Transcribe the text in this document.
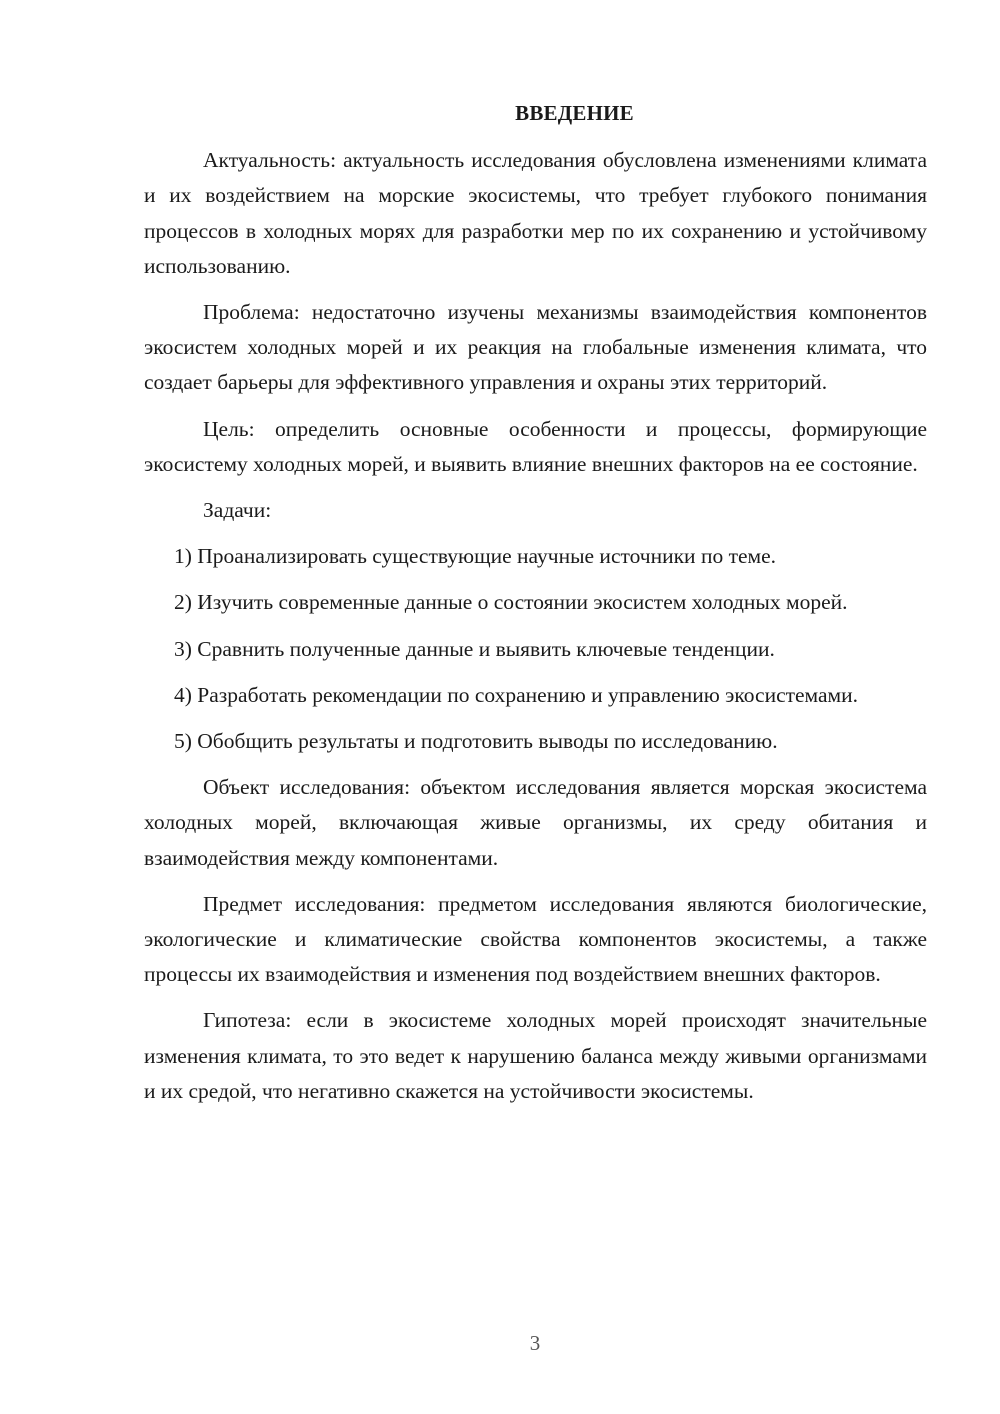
ВВЕДЕНИЕ

Актуальность: актуальность исследования обусловлена изменениями климата и их воздействием на морские экосистемы, что требует глубокого понимания процессов в холодных морях для разработки мер по их сохранению и устойчивому использованию.

Проблема: недостаточно изучены механизмы взаимодействия компонентов экосистем холодных морей и их реакция на глобальные изменения климата, что создает барьеры для эффективного управления и охраны этих территорий.

Цель: определить основные особенности и процессы, формирующие экосистему холодных морей, и выявить влияние внешних факторов на ее состояние.

Задачи:

1) Проанализировать существующие научные источники по теме.

2) Изучить современные данные о состоянии экосистем холодных морей.

3) Сравнить полученные данные и выявить ключевые тенденции.

4) Разработать рекомендации по сохранению и управлению экосистемами.

5) Обобщить результаты и подготовить выводы по исследованию.

Объект исследования: объектом исследования является морская экосистема холодных морей, включающая живые организмы, их среду обитания и взаимодействия между компонентами.

Предмет исследования: предметом исследования являются биологические, экологические и климатические свойства компонентов экосистемы, а также процессы их взаимодействия и изменения под воздействием внешних факторов.

Гипотеза: если в экосистеме холодных морей происходят значительные изменения климата, то это ведет к нарушению баланса между живыми организмами и их средой, что негативно скажется на устойчивости экосистемы.

3
